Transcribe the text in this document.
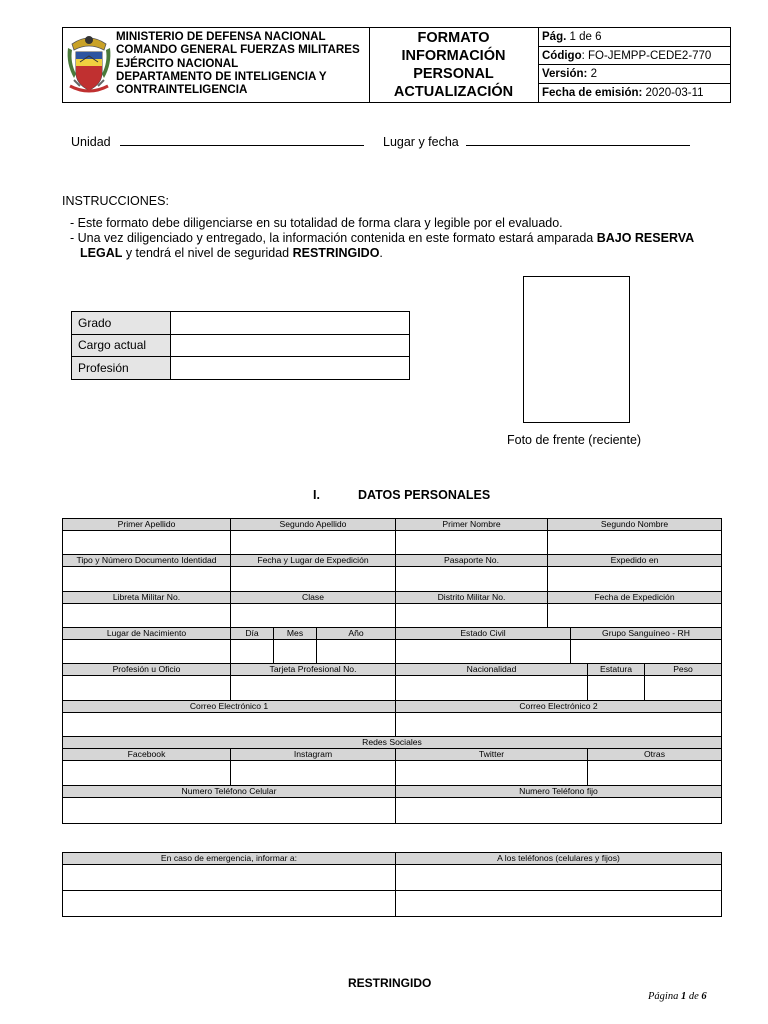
MINISTERIO DE DEFENSA NACIONAL
COMANDO GENERAL FUERZAS MILITARES
EJÉRCITO NACIONAL
DEPARTAMENTO DE INTELIGENCIA Y
CONTRAINTELIGENCIA
FORMATO
INFORMACIÓN
PERSONAL
ACTUALIZACIÓN
Pág. 1 de 6
Código: FO-JEMPP-CEDE2-770
Versión: 2
Fecha de emisión: 2020-03-11
Unidad	Lugar y fecha
INSTRUCCIONES:
- Este formato debe diligenciarse en su totalidad de forma clara y legible por el evaluado.
- Una vez diligenciado y entregado, la información contenida en este formato estará amparada BAJO RESERVA
LEGAL y tendrá el nivel de seguridad RESTRINGIDO.
Grado	
Cargo actual	
Profesión	
Foto de frente (reciente)
I.	DATOS PERSONALES
Primer Apellido	Segundo Apellido	Primer Nombre	Segundo Nombre
Tipo y Número Documento Identidad	Fecha y Lugar de Expedición	Pasaporte No.	Expedido en
Libreta Militar No.	Clase	Distrito Militar No.	Fecha de Expedición
Lugar de Nacimiento	Día	Mes	Año	Estado Civil	Grupo Sanguíneo - RH
Profesión u Oficio	Tarjeta Profesional No.	Nacionalidad	Estatura	Peso
Correo Electrónico 1	Correo Electrónico 2
Redes Sociales
Facebook	Instagram	Twitter	Otras
Numero Teléfono Celular	Numero Teléfono fijo
En caso de emergencia, informar a:	A los teléfonos (celulares y fijos)
RESTRINGIDO
Página 1 de 6
